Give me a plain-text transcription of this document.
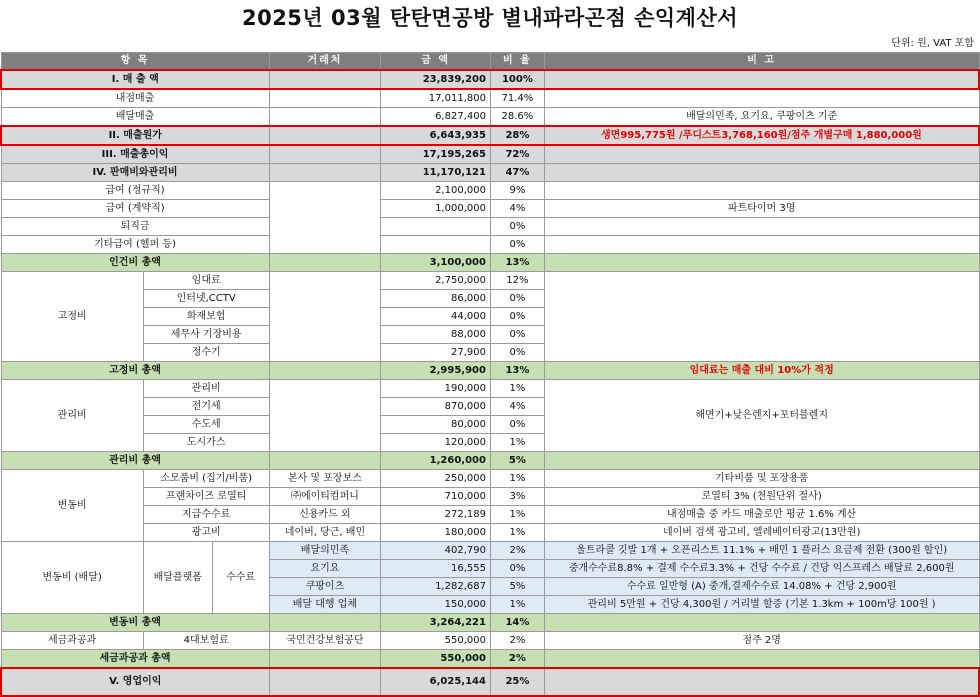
2025년 03월 탄탄면공방 별내파라곤점 손익계산서
단위: 원, VAT 포함
항 목			거래처	금 액	비 율	비 고
I. 매 출 액				23,839,200	100%	
내점매출				17,011,800	71.4%	
배달매출				6,827,400	28.6%	배달의민족, 요기요, 쿠팡이츠 기준
II. 매출원가				6,643,935	28%	생면995,775원 /푸디스트3,768,160원/점주 개별구매 1,880,000원
III. 매출총이익				17,195,265	72%	
IV. 판매비와관리비				11,170,121	47%	
급여 (정규직)				2,100,000	9%	
급여 (계약직)				1,000,000	4%	파트타이머 3명
퇴직금					0%	
기타급여 (헬퍼 등)					0%	
인건비 총액				3,100,000	13%	
고정비	임대료			2,750,000	12%	
	인터넷,CCTV			86,000	0%	
	화재보험			44,000	0%	
	세무사 기장비용			88,000	0%	
	정수기			27,900	0%	
고정비 총액				2,995,900	13%	임대료는 매출 대비 10%가 적정
관리비	관리비			190,000	1%	해면기+낮은렌지+포터블렌지
	전기세			870,000	4%	
	수도세			80,000	0%	
	도시가스			120,000	1%	
관리비 총액				1,260,000	5%	
변동비	소모품비 (집기/비품)		본사 및 포장보스	250,000	1%	기타비품 및 포장용품
	프랜차이즈 로열티		㈜에이티컴퍼니	710,000	3%	로열티 3% (천원단위 절사)
	지급수수료		신용카드 외	272,189	1%	내점매출 중 카드 매출로만 평균 1.6% 계산
	광고비		네이버, 당근, 배민	180,000	1%	네이버 검색 광고비, 엘레베이터광고(13만원)
변동비 (배달)	배달플랫폼	수수료	배달의민족	402,790	2%	울트라콜 깃발 1개 + 오픈리스트 11.1% + 배민 1 플러스 요금제 전환 (300원 할인)
			요기요	16,555	0%	중개수수료8.8% + 결제 수수료3.3% + 건당 수수료 / 건당 익스프레스 배달료 2,600원
			쿠팡이츠	1,282,687	5%	수수료 일반형 (A) 중개,결제수수료 14.08% + 건당 2,900원
			배달 대행 업체	150,000	1%	관리비 5만원 + 건당 4,300원 / 거리별 할증 (기본 1.3km + 100m당 100원 )
변동비 총액				3,264,221	14%	
세금과공과	4대보험료		국민건강보험공단	550,000	2%	점주 2명
세금과공과 총액				550,000	2%	
V. 영업이익				6,025,144	25%	
